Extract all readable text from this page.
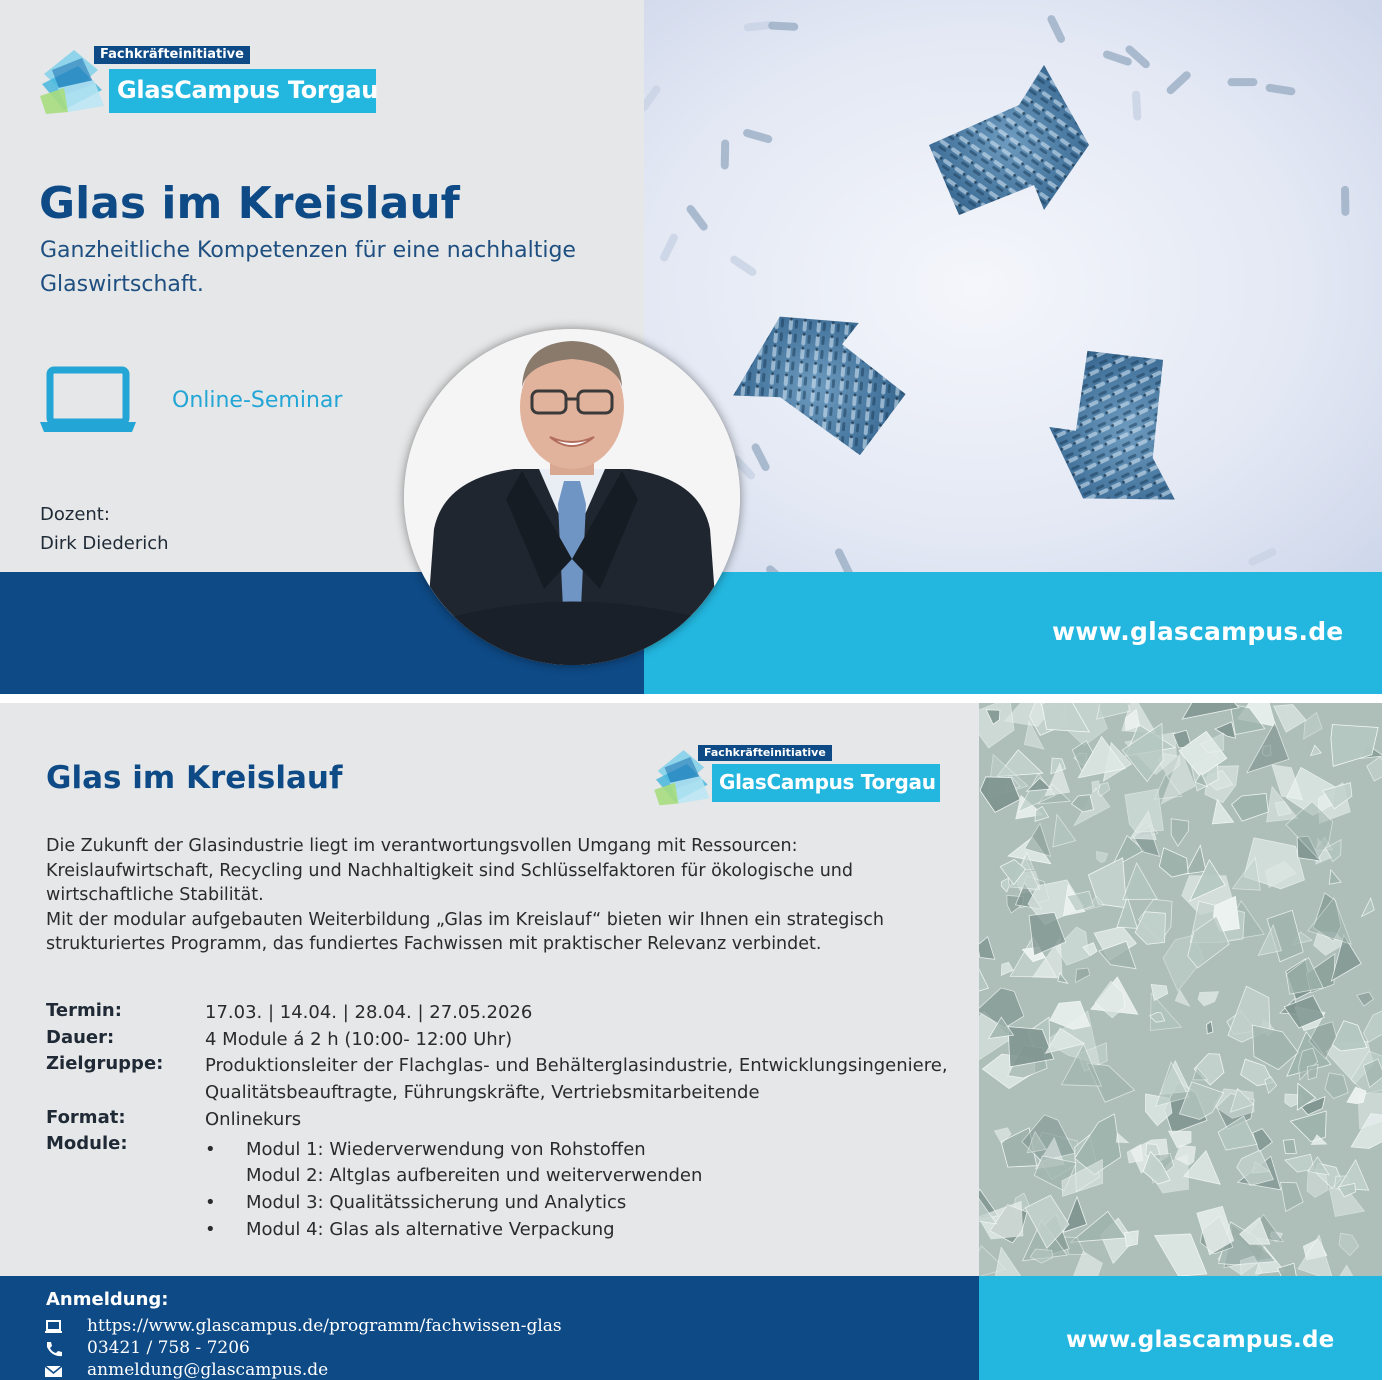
Fachkräfteinitiative
GlasCampus Torgau
Glas im Kreislauf
Ganzheitliche Kompetenzen für eine nachhaltige
Glaswirtschaft.
Online-Seminar
Dozent:
Dirk Diederich
www.glascampus.de
Glas im Kreislauf
Fachkräfteinitiative
GlasCampus Torgau

Die Zukunft der Glasindustrie liegt im verantwortungsvollen Umgang mit Ressourcen:

Kreislaufwirtschaft, Recycling und Nachhaltigkeit sind Schlüsselfaktoren für ökologische und

wirtschaftliche Stabilität.

Mit der modular aufgebauten Weiterbildung „Glas im Kreislauf“ bieten wir Ihnen ein strategisch

strukturiertes Programm, das fundiertes Fachwissen mit praktischer Relevanz verbindet.

Termin:	17.03. | 14.04. | 28.04. | 27.05.2026
Dauer:	4 Module á 2 h (10:00- 12:00 Uhr)
Zielgruppe: Produktionsleiter der Flachglas- und Behälterglasindustrie, Entwicklungsingeniere,
Qualitätsbeauftragte, Führungskräfte, Vertriebsmitarbeitende
Format:	Onlinekurs
Module:	• Modul 1: Wiederverwendung von Rohstoffen
Modul 2: Altglas aufbereiten und weiterverwenden
• Modul 3: Qualitätssicherung und Analytics
• Modul 4: Glas als alternative Verpackung
Anmeldung:
https://www.glascampus.de/programm/fachwissen-glas
03421 / 758 - 7206
anmeldung@glascampus.de
www.glascampus.de
